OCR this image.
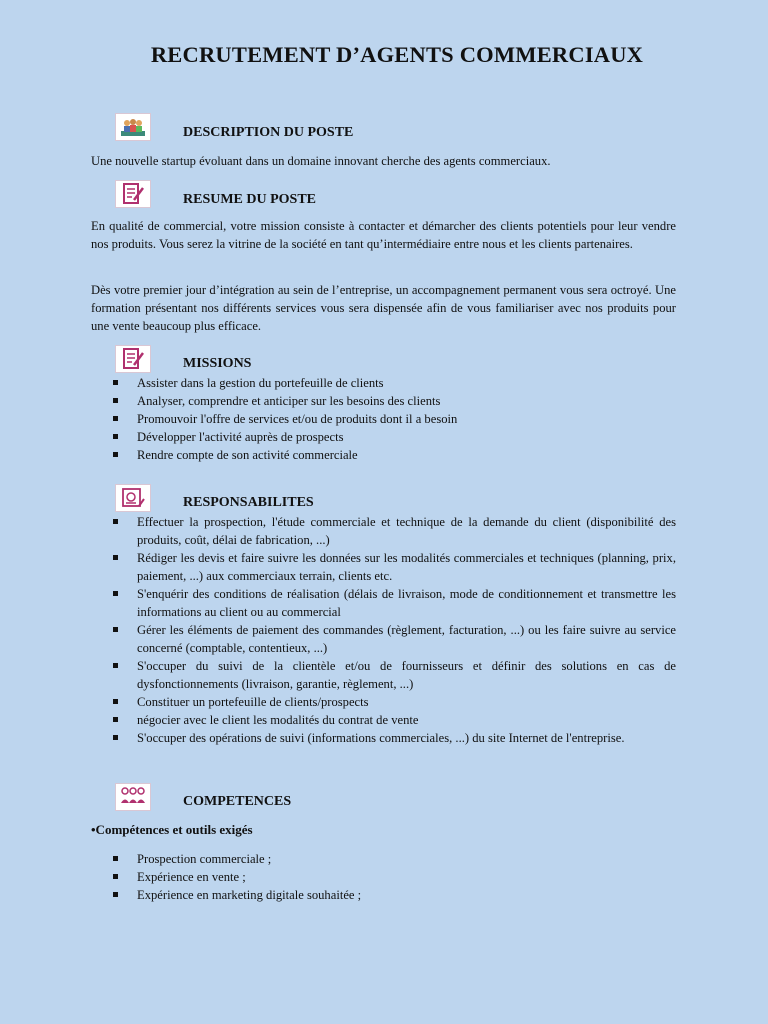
RECRUTEMENT D’AGENTS COMMERCIAUX
DESCRIPTION DU POSTE
Une nouvelle startup évoluant dans un domaine innovant cherche des agents commerciaux.
RESUME DU POSTE
En qualité de commercial, votre mission consiste à contacter et démarcher des clients potentiels pour leur vendre nos produits. Vous serez la vitrine de la société en tant qu’intermédiaire entre nous et les clients partenaires.
Dès votre premier jour d’intégration au sein de l’entreprise, un accompagnement permanent vous sera octroyé. Une formation présentant nos différents services vous sera dispensée afin de vous familiariser avec nos produits pour une vente beaucoup plus efficace.
MISSIONS
Assister dans la gestion du portefeuille de clients
Analyser, comprendre et anticiper sur les besoins des clients
Promouvoir l'offre de services et/ou de produits dont il a besoin
Développer l'activité auprès de prospects
Rendre compte de son activité commerciale
RESPONSABILITES
Effectuer la prospection, l'étude commerciale et technique de la demande du client (disponibilité des produits, coût, délai de fabrication, ...)
Rédiger les devis et faire suivre les données sur les modalités commerciales et techniques (planning, prix, paiement, ...) aux commerciaux terrain, clients etc.
S'enquérir des conditions de réalisation (délais de livraison, mode de conditionnement et transmettre les informations au client ou au commercial
Gérer les éléments de paiement des commandes (règlement, facturation, ...) ou les faire suivre au service concerné (comptable, contentieux, ...)
S'occuper du suivi de la clientèle et/ou de fournisseurs et définir des solutions en cas de dysfonctionnements (livraison, garantie, règlement, ...)
Constituer un portefeuille de clients/prospects
négocier avec le client les modalités du contrat de vente
S'occuper des opérations de suivi (informations commerciales, ...) du site Internet de l'entreprise.
COMPETENCES
•Compétences et outils exigés
Prospection commerciale ;
Expérience en vente ;
Expérience en marketing digitale souhaitée ;
